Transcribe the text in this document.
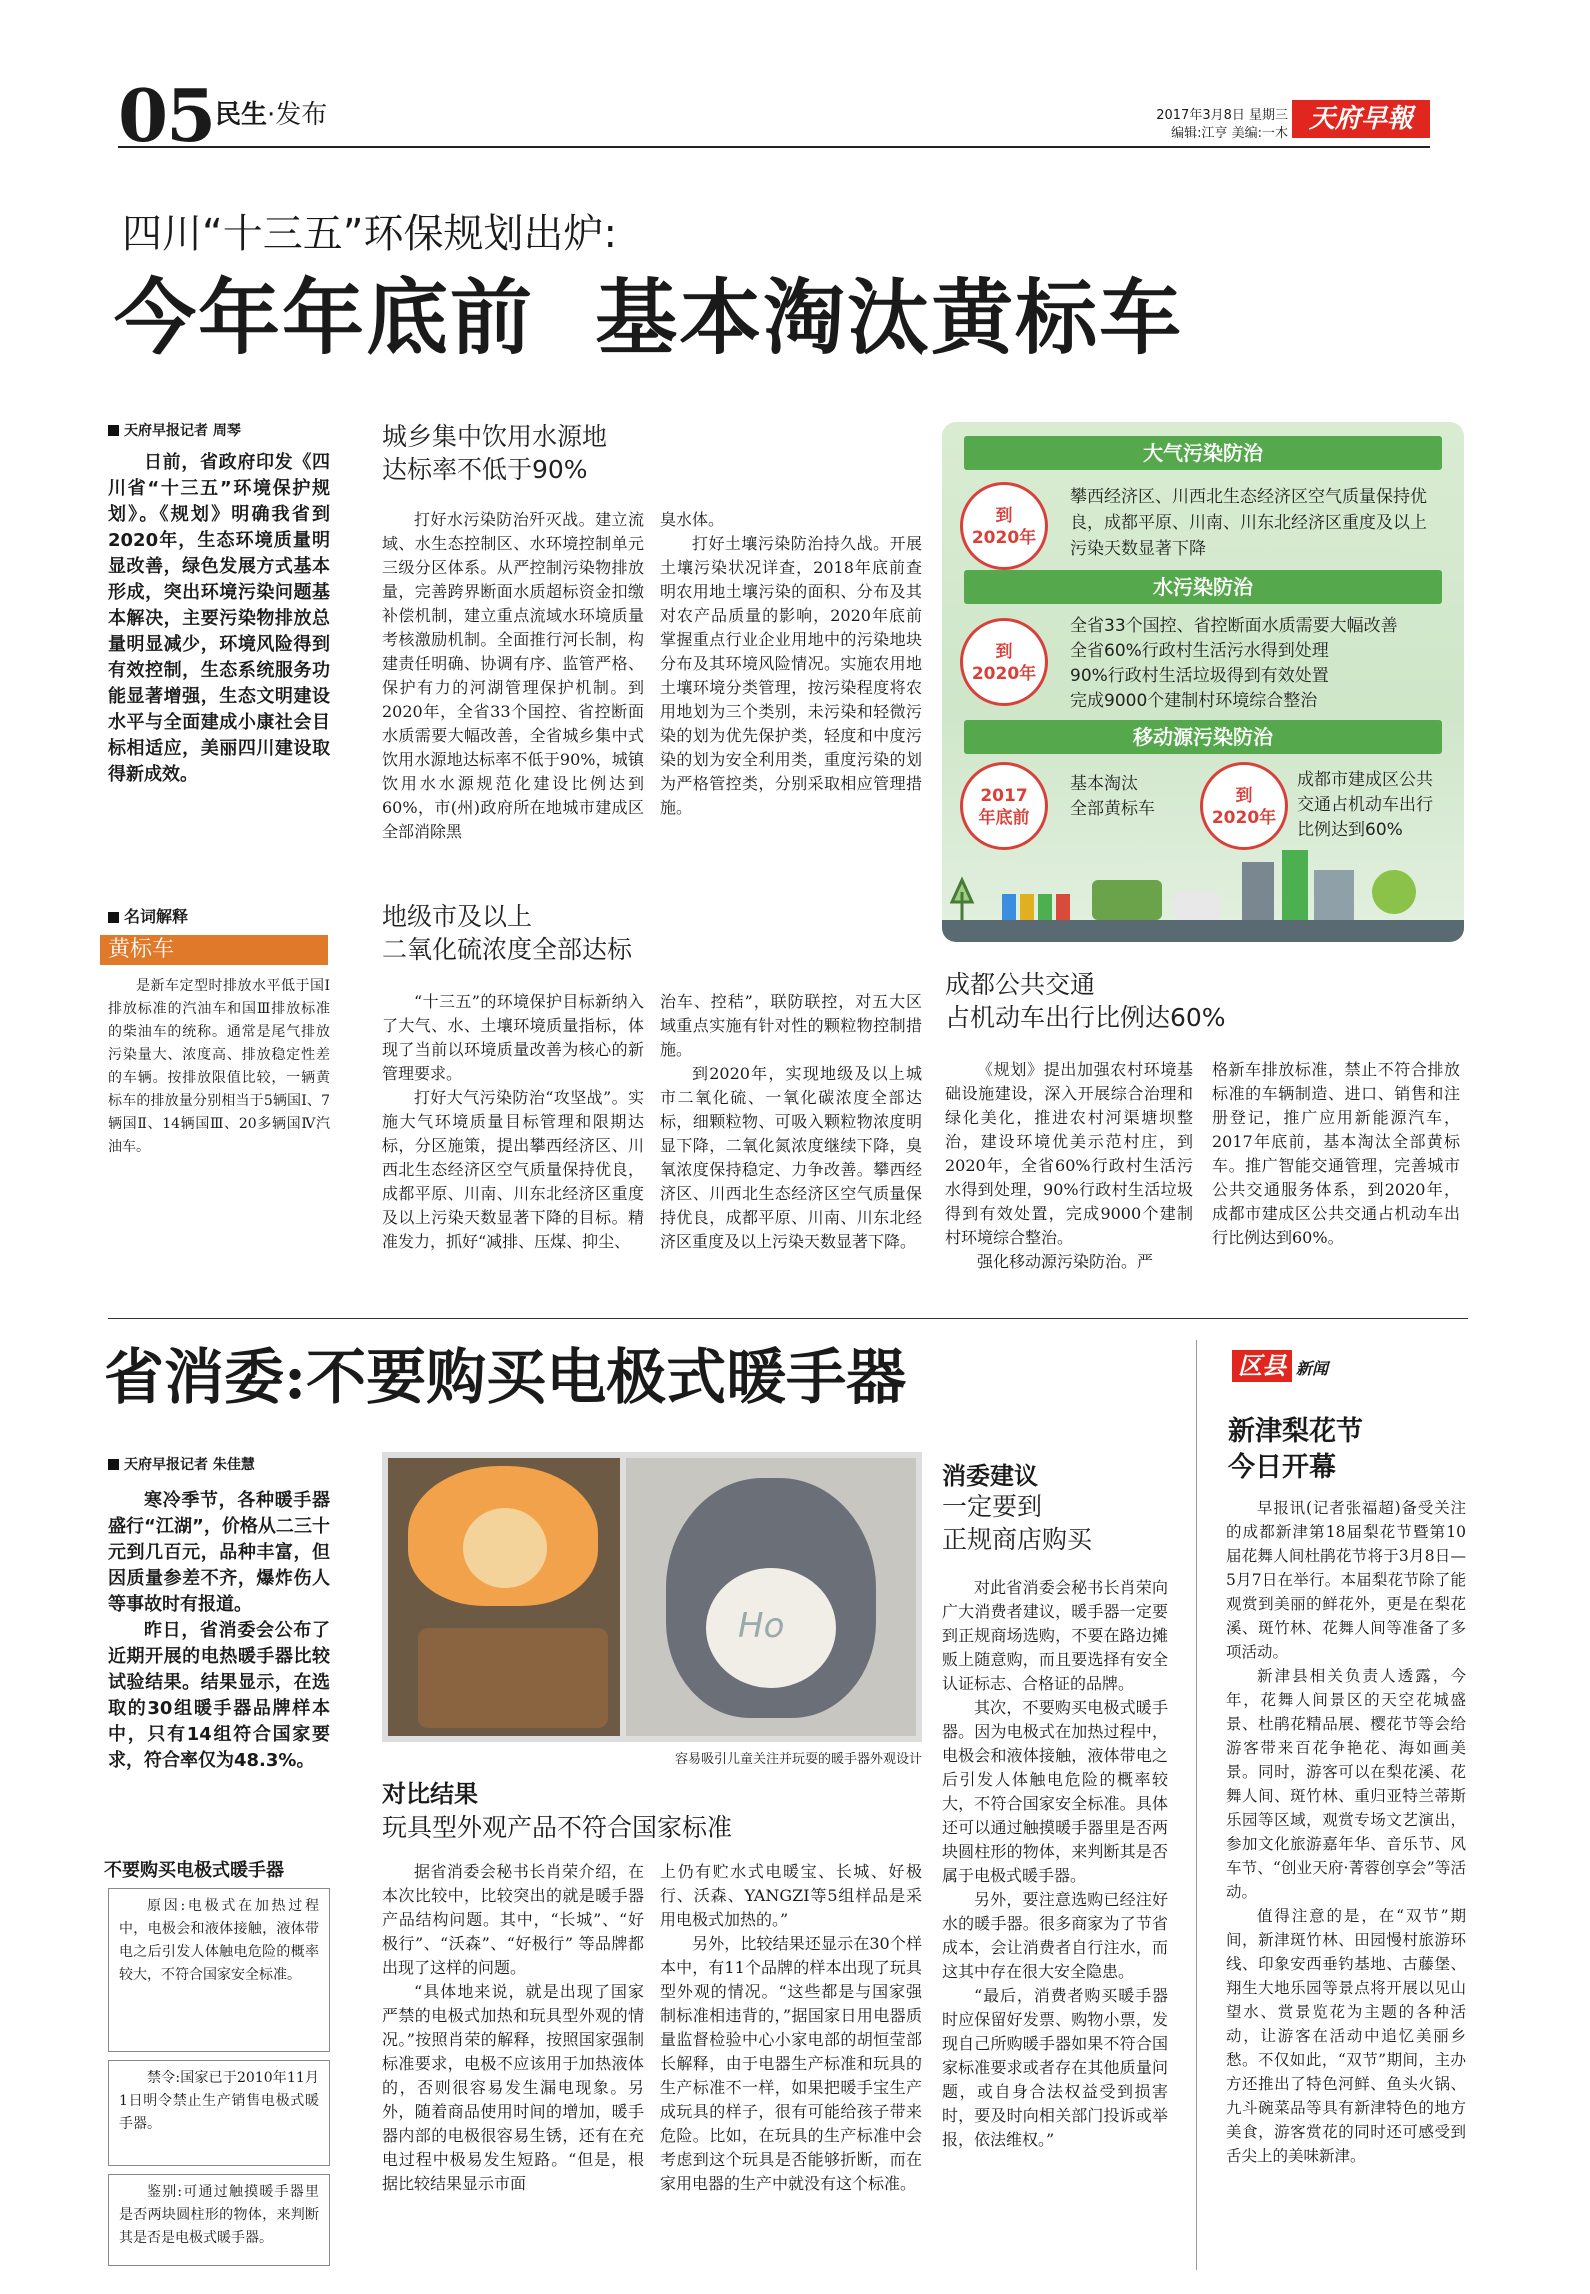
05 民生·发布	2017年3月8日 星期三
编辑:江亨 美编:一木 天府早報
四川“十三五”环保规划出炉:
今年年底前  基本淘汰黄标车
天府早报记者 周琴

日前，省政府印发《四川省“十三五”环境保护规划》。《规划》明确我省到2020年，生态环境质量明显改善，绿色发展方式基本形成，突出环境污染问题基本解决，主要污染物排放总量明显减少，环境风险得到有效控制，生态系统服务功能显著增强，生态文明建设水平与全面建成小康社会目标相适应，美丽四川建设取得新成效。

名词解释
黄标车

是新车定型时排放水平低于国Ⅰ排放标准的汽油车和国Ⅲ排放标准的柴油车的统称。通常是尾气排放污染量大、浓度高、排放稳定性差的车辆。按排放限值比较，一辆黄标车的排放量分别相当于5辆国Ⅰ、7辆国Ⅱ、14辆国Ⅲ、20多辆国Ⅳ汽油车。

城乡集中饮用水源地
达标率不低于90%

打好水污染防治歼灭战。建立流域、水生态控制区、水环境控制单元三级分区体系。从严控制污染物排放量，完善跨界断面水质超标资金扣缴补偿机制，建立重点流域水环境质量考核激励机制。全面推行河长制，构建责任明确、协调有序、监管严格、保护有力的河湖管理保护机制。到2020年，全省33个国控、省控断面水质需要大幅改善，全省城乡集中式饮用水源地达标率不低于90%，城镇饮用水水源规范化建设比例达到60%，市(州)政府所在地城市建成区全部消除黑

臭水体。

打好土壤污染防治持久战。开展土壤污染状况详查，2018年底前查明农用地土壤污染的面积、分布及其对农产品质量的影响，2020年底前掌握重点行业企业用地中的污染地块分布及其环境风险情况。实施农用地土壤环境分类管理，按污染程度将农用地划为三个类别，未污染和轻微污染的划为优先保护类，轻度和中度污染的划为安全利用类，重度污染的划为严格管控类，分别采取相应管理措施。

地级市及以上
二氧化硫浓度全部达标

“十三五”的环境保护目标新纳入了大气、水、土壤环境质量指标，体现了当前以环境质量改善为核心的新管理要求。

打好大气污染防治“攻坚战”。实施大气环境质量目标管理和限期达标，分区施策，提出攀西经济区、川西北生态经济区空气质量保持优良，成都平原、川南、川东北经济区重度及以上污染天数显著下降的目标。精准发力，抓好“减排、压煤、抑尘、

治车、控秸”，联防联控，对五大区域重点实施有针对性的颗粒物控制措施。

到2020年，实现地级及以上城市二氧化硫、一氧化碳浓度全部达标，细颗粒物、可吸入颗粒物浓度明显下降，二氧化氮浓度继续下降，臭氧浓度保持稳定、力争改善。攀西经济区、川西北生态经济区空气质量保持优良，成都平原、川南、川东北经济区重度及以上污染天数显著下降。

大气污染防治
到
2020年
攀西经济区、川西北生态经济区空气质量保持优良，成都平原、川南、川东北经济区重度及以上污染天数显著下降
水污染防治
到
2020年
全省33个国控、省控断面水质需要大幅改善
全省60%行政村生活污水得到处理
90%行政村生活垃圾得到有效处置
完成9000个建制村环境综合整治
移动源污染防治
2017
年底前
基本淘汰
全部黄标车
到
2020年
成都市建成区公共
交通占机动车出行
比例达到60%
成都公共交通
占机动车出行比例达60%

《规划》提出加强农村环境基础设施建设，深入开展综合治理和绿化美化，推进农村河渠塘坝整治，建设环境优美示范村庄，到2020年，全省60%行政村生活污水得到处理，90%行政村生活垃圾得到有效处置，完成9000个建制村环境综合整治。

强化移动源污染防治。严

格新车排放标准，禁止不符合排放标准的车辆制造、进口、销售和注册登记，推广应用新能源汽车，2017年底前，基本淘汰全部黄标车。推广智能交通管理，完善城市公共交通服务体系，到2020年，成都市建成区公共交通占机动车出行比例达到60%。

省消委:不要购买电极式暖手器
天府早报记者 朱佳慧

寒冷季节，各种暖手器盛行“江湖”，价格从二三十元到几百元，品种丰富，但因质量参差不齐，爆炸伤人等事故时有报道。

昨日，省消委会公布了近期开展的电热暖手器比较试验结果。结果显示，在选取的30组暖手器品牌样本中，只有14组符合国家要求，符合率仅为48.3%。

不要购买电极式暖手器

原因:电极式在加热过程中，电极会和液体接触，液体带电之后引发人体触电危险的概率较大，不符合国家安全标准。

禁令:国家已于2010年11月1日明令禁止生产销售电极式暖手器。

鉴别:可通过触摸暖手器里是否两块圆柱形的物体，来判断其是否是电极式暖手器。

Ho
容易吸引儿童关注并玩耍的暖手器外观设计
对比结果
玩具型外观产品不符合国家标准

据省消委会秘书长肖荣介绍，在本次比较中，比较突出的就是暖手器产品结构问题。其中，“长城”、“好极行”、“沃森”、“好极行” 等品牌都出现了这样的问题。

“具体地来说，就是出现了国家严禁的电极式加热和玩具型外观的情况。”按照肖荣的解释，按照国家强制标准要求，电极不应该用于加热液体的，否则很容易发生漏电现象。另外，随着商品使用时间的增加，暖手器内部的电极很容易生锈，还有在充电过程中极易发生短路。“但是，根据比较结果显示市面

上仍有贮水式电暖宝、长城、好极行、沃森、YANGZI等5组样品是采用电极式加热的。”

另外，比较结果还显示在30个样本中，有11个品牌的样本出现了玩具型外观的情况。“这些都是与国家强制标准相违背的，”据国家日用电器质量监督检验中心小家电部的胡恒莹部长解释，由于电器生产标准和玩具的生产标准不一样，如果把暖手宝生产成玩具的样子，很有可能给孩子带来危险。比如，在玩具的生产标准中会考虑到这个玩具是否能够折断，而在家用电器的生产中就没有这个标准。

消委建议
一定要到
正规商店购买

对此省消委会秘书长肖荣向广大消费者建议，暖手器一定要到正规商场选购，不要在路边摊贩上随意购，而且要选择有安全认证标志、合格证的品牌。

其次，不要购买电极式暖手器。因为电极式在加热过程中，电极会和液体接触，液体带电之后引发人体触电危险的概率较大，不符合国家安全标准。具体还可以通过触摸暖手器里是否两块圆柱形的物体，来判断其是否属于电极式暖手器。

另外，要注意选购已经注好水的暖手器。很多商家为了节省成本，会让消费者自行注水，而这其中存在很大安全隐患。

“最后，消费者购买暖手器时应保留好发票、购物小票，发现自己所购暖手器如果不符合国家标准要求或者存在其他质量问题，或自身合法权益受到损害时，要及时向相关部门投诉或举报，依法维权。”

区县 新闻
新津梨花节
今日开幕

早报讯(记者张福超)备受关注的成都新津第18届梨花节暨第10届花舞人间杜鹃花节将于3月8日—5月7日在举行。本届梨花节除了能观赏到美丽的鲜花外，更是在梨花溪、斑竹林、花舞人间等准备了多项活动。

新津县相关负责人透露，今年，花舞人间景区的天空花城盛景、杜鹃花精品展、樱花节等会给游客带来百花争艳花、海如画美景。同时，游客可以在梨花溪、花舞人间、斑竹林、重归亚特兰蒂斯乐园等区域，观赏专场文艺演出，参加文化旅游嘉年华、音乐节、风车节、“创业天府·菁蓉创享会”等活动。

值得注意的是，在“双节”期间，新津斑竹林、田园慢村旅游环线、印象安西垂钓基地、古藤堡、翔生大地乐园等景点将开展以见山望水、赏景览花为主题的各种活动，让游客在活动中追忆美丽乡愁。不仅如此，“双节”期间，主办方还推出了特色河鲜、鱼头火锅、九斗碗菜品等具有新津特色的地方美食，游客赏花的同时还可感受到舌尖上的美味新津。
